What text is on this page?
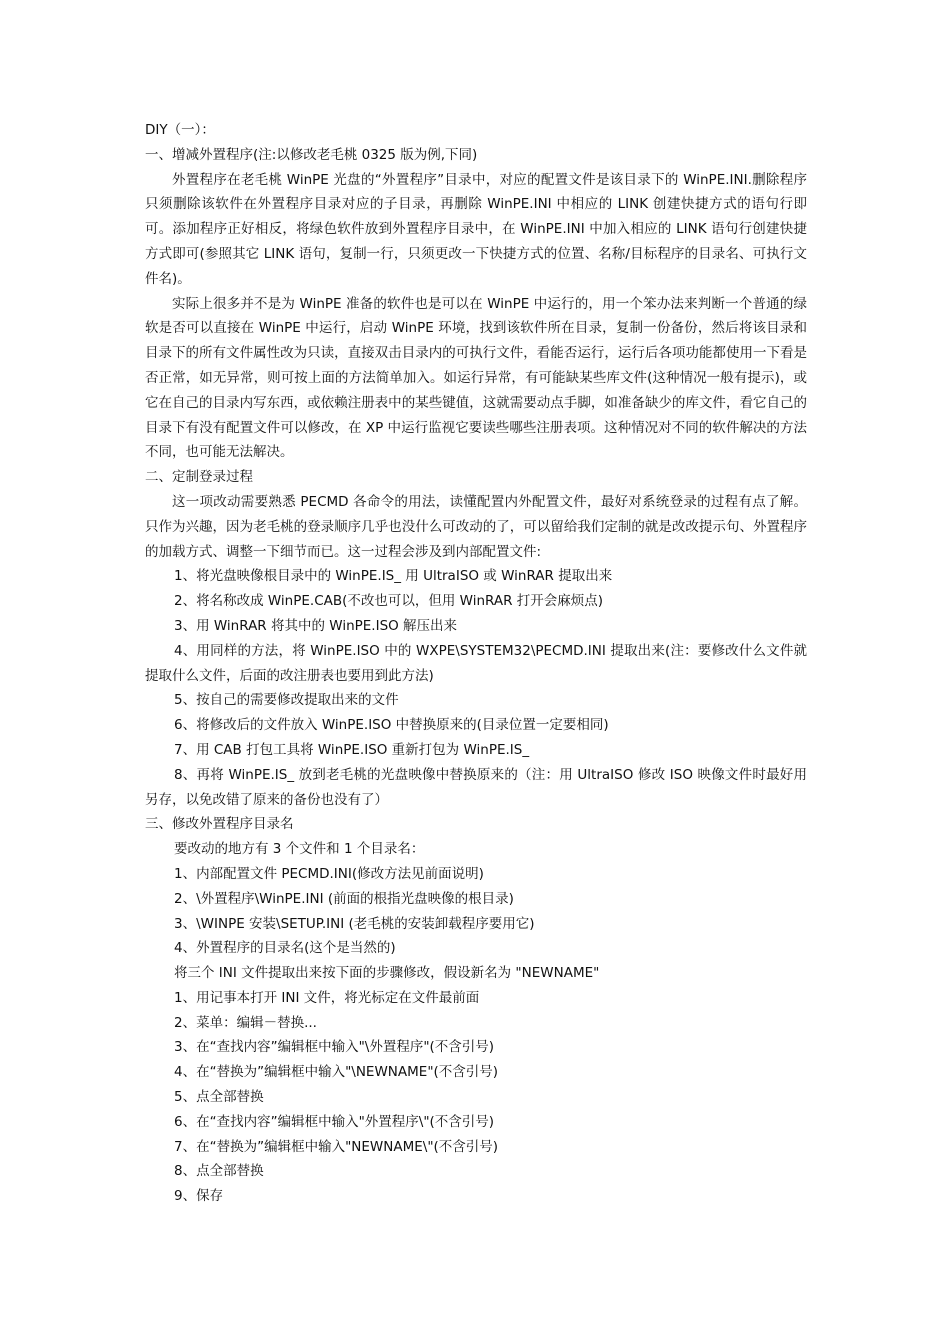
DIY（一）：
一、增减外置程序(注:以修改老毛桃 0325 版为例,下同)
外置程序在老毛桃 WinPE 光盘的“外置程序”目录中，对应的配置文件是该目录下的 WinPE.INI.删除程序只须删除该软件在外置程序目录对应的子目录，再删除 WinPE.INI 中相应的 LINK 创建快捷方式的语句行即可。添加程序正好相反，将绿色软件放到外置程序目录中，在 WinPE.INI 中加入相应的 LINK 语句行创建快捷方式即可(参照其它 LINK 语句，复制一行，只须更改一下快捷方式的位置、名称/目标程序的目录名、可执行文件名)。
实际上很多并不是为 WinPE 准备的软件也是可以在 WinPE 中运行的，用一个笨办法来判断一个普通的绿软是否可以直接在 WinPE 中运行，启动 WinPE 环境，找到该软件所在目录，复制一份备份，然后将该目录和目录下的所有文件属性改为只读，直接双击目录内的可执行文件，看能否运行，运行后各项功能都使用一下看是否正常，如无异常，则可按上面的方法简单加入。如运行异常，有可能缺某些库文件(这种情况一般有提示)，或它在自己的目录内写东西，或依赖注册表中的某些键值，这就需要动点手脚，如准备缺少的库文件，看它自己的目录下有没有配置文件可以修改，在 XP 中运行监视它要读些哪些注册表项。这种情况对不同的软件解决的方法不同，也可能无法解决。
二、定制登录过程
这一项改动需要熟悉 PECMD 各命令的用法，读懂配置内外配置文件，最好对系统登录的过程有点了解。只作为兴趣，因为老毛桃的登录顺序几乎也没什么可改动的了，可以留给我们定制的就是改改提示句、外置程序的加载方式、调整一下细节而已。这一过程会涉及到内部配置文件:
1、将光盘映像根目录中的 WinPE.IS_ 用 UltraISO 或 WinRAR 提取出来
2、将名称改成 WinPE.CAB(不改也可以，但用 WinRAR 打开会麻烦点)
3、用 WinRAR 将其中的 WinPE.ISO 解压出来
4、用同样的方法，将 WinPE.ISO 中的 WXPE\SYSTEM32\PECMD.INI 提取出来(注：要修改什么文件就提取什么文件，后面的改注册表也要用到此方法)
5、按自己的需要修改提取出来的文件
6、将修改后的文件放入 WinPE.ISO 中替换原来的(目录位置一定要相同)
7、用 CAB 打包工具将 WinPE.ISO 重新打包为 WinPE.IS_
8、再将 WinPE.IS_ 放到老毛桃的光盘映像中替换原来的（注：用 UltraISO 修改 ISO 映像文件时最好用另存，以免改错了原来的备份也没有了）
三、修改外置程序目录名
要改动的地方有 3 个文件和 1 个目录名：
1、内部配置文件 PECMD.INI(修改方法见前面说明)
2、\外置程序\WinPE.INI (前面的根指光盘映像的根目录)
3、\WINPE 安装\SETUP.INI (老毛桃的安装卸载程序要用它)
4、外置程序的目录名(这个是当然的)
将三个 INI 文件提取出来按下面的步骤修改，假设新名为 "NEWNAME"
1、用记事本打开 INI 文件，将光标定在文件最前面
2、菜单：编辑－替换...
3、在“查找内容”编辑框中输入"\外置程序"(不含引号)
4、在“替换为”编辑框中输入"\NEWNAME"(不含引号)
5、点全部替换
6、在“查找内容”编辑框中输入"外置程序\"(不含引号)
7、在“替换为”编辑框中输入"NEWNAME\"(不含引号)
8、点全部替换
9、保存
